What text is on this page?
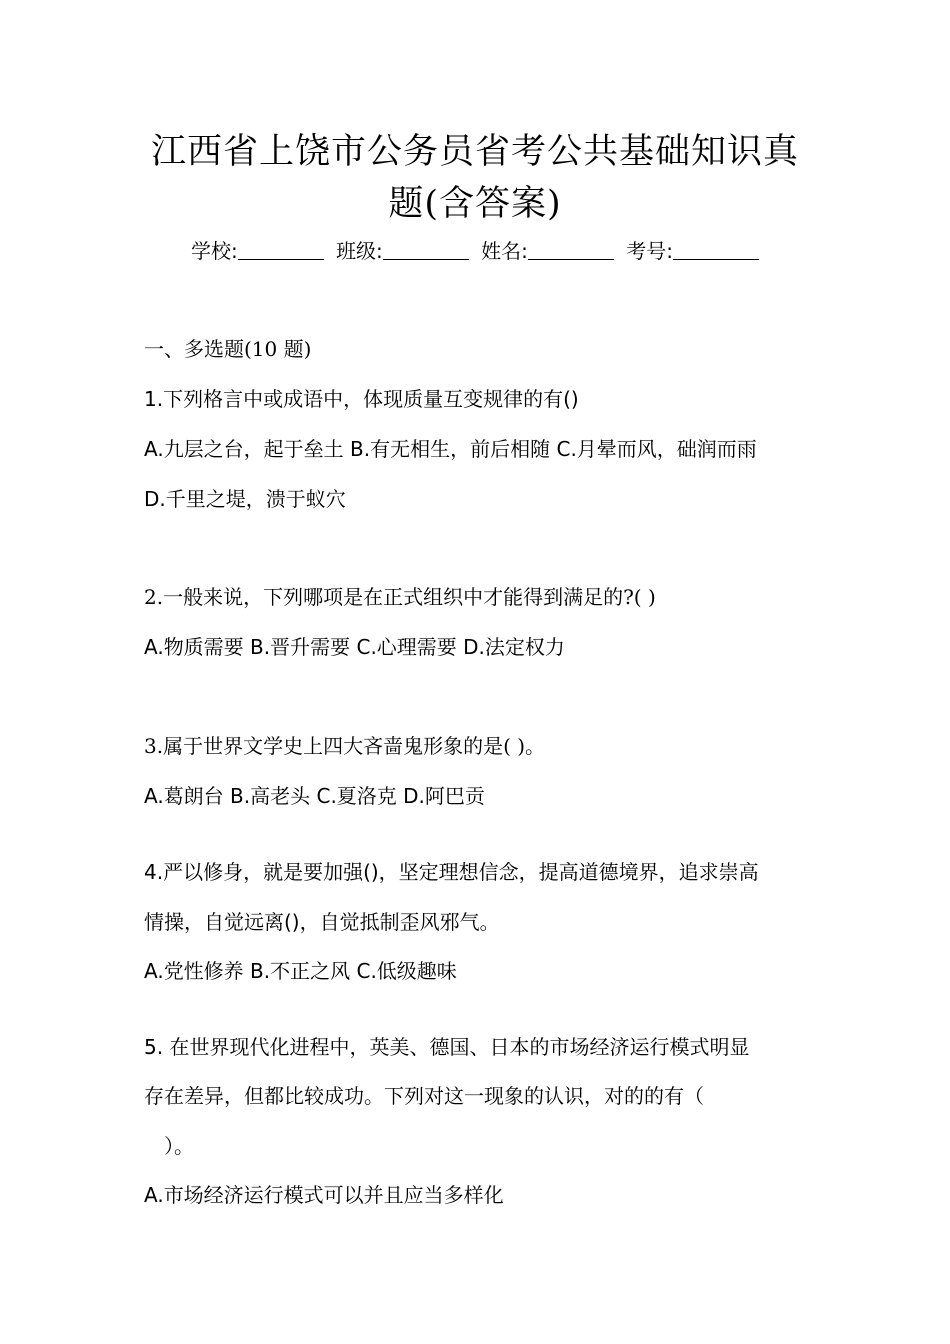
江西省上饶市公务员省考公共基础知识真
题(含答案)
学校:	班级:	姓名:	考号:
一、多选题(10 题)
1.下列格言中或成语中，体现质量互变规律的有()
A.九层之台，起于垒土 B.有无相生，前后相随 C.月晕而风，础润而雨
D.千里之堤，溃于蚁穴
2.一般来说，下列哪项是在正式组织中才能得到满足的?( )
A.物质需要 B.晋升需要 C.心理需要 D.法定权力
3.属于世界文学史上四大吝啬鬼形象的是( )。
A.葛朗台 B.高老头 C.夏洛克 D.阿巴贡
4.严以修身，就是要加强()，坚定理想信念，提高道德境界，追求崇高
情操，自觉远离()，自觉抵制歪风邪气。
A.党性修养 B.不正之风 C.低级趣味
5. 在世界现代化进程中，英美、德国、日本的市场经济运行模式明显
存在差异，但都比较成功。下列对这一现象的认识，对的的有（
）。
A.市场经济运行模式可以并且应当多样化
